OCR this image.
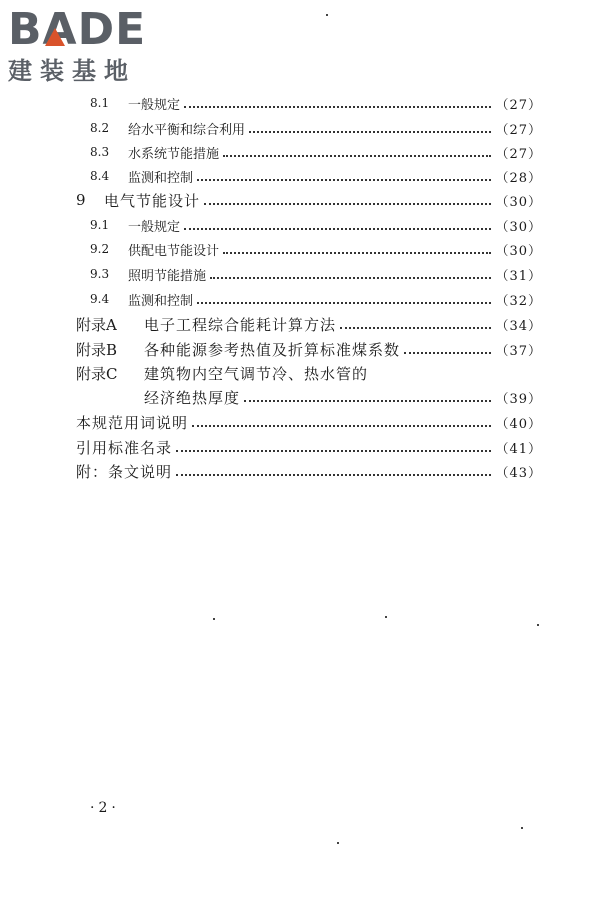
BADE
建装基地
8.1	一般规定	（27）
8.2	给水平衡和综合利用	（27）
8.3	水系统节能措施	（27）
8.4	监测和控制	（28）
9	电气节能设计	（30）
9.1	一般规定	（30）
9.2	供配电节能设计	（30）
9.3	照明节能措施	（31）
9.4	监测和控制	（32）
附录A	电子工程综合能耗计算方法	（34）
附录B	各种能源参考热值及折算标准煤系数	（37）
附录C	建筑物内空气调节冷、热水管的
经济绝热厚度	（39）
本规范用词说明	（40）
引用标准名录	（41）
附：条文说明	（43）
·2·
